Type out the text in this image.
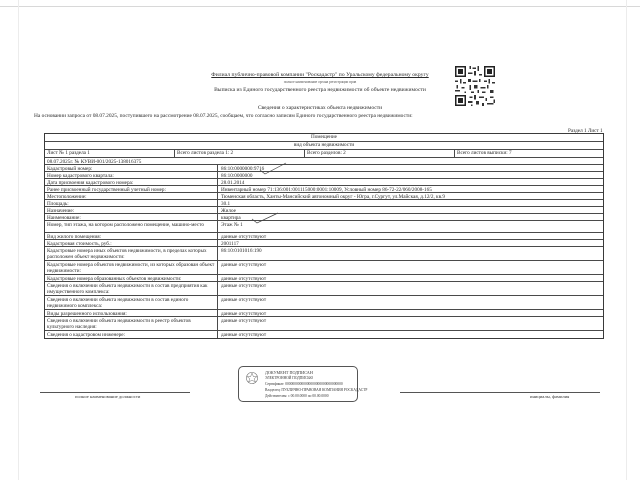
Филиал публично-правовой компании "Роскадастр" по Уральскому федеральному округу
полное наименование органа регистрации прав
Выписка из Единого государственного реестра недвижимости об объекте недвижимости
Сведения о характеристиках объекта недвижимости
На основании запроса от 08.07.2025, поступившего на рассмотрение 08.07.2025, сообщаем, что согласно записям Единого государственного реестра недвижимости:
Раздел 1 Лист 1
Помещение
вид объекта недвижимости
Лист № 1 раздела 1	Всего листов раздела 1: 2	Всего разделов: 2	Всего листов выписки: 7
08.07.2025г. № КУВИ-001/2025-138016375
Кадастровый номер:	86:10:0000000:9716
Номер кадастрового квартала:	86:10:0000000
Дата присвоения кадастрового номера:	28.01.2014
Ранее присвоенный государственный учетный номер:	Инвентарный номер 71:136:001:001115000:0001:10009, Условный номер 86-72-22/060/2008-165
Местоположение:	Тюменская область, Ханты-Мансийский автономный округ - Югра, г.Сургут, ул.Майская, д.12/2, кв.9
Площадь:	30.1
Назначение:	Жилое
Наименование:	квартира
Номер, тип этажа, на котором расположено помещение, машино-место	Этаж № 1
Вид жилого помещения:	данные отсутствуют
Кадастровая стоимость, руб.:	2001117
Кадастровые номера иных объектов недвижимости, в пределах которых расположен объект недвижимости:
86:10:0101016:190
Кадастровые номера объектов недвижимости, из которых образован объект недвижимости:
данные отсутствуют
Кадастровые номера образованных объектов недвижимости:	данные отсутствуют
Сведения о включении объекта недвижимости в состав предприятия как имущественного комплекса:
данные отсутствуют
Сведения о включении объекта недвижимости в состав единого недвижимого комплекса:
данные отсутствуют
Виды разрешенного использования:	данные отсутствуют
Сведения о включении объекта недвижимости в реестр объектов культурного наследия:
данные отсутствуют
Сведения о кадастровом инженере:	данные отсутствуют
ДОКУМЕНТ ПОДПИСАН
ЭЛЕКТРОННОЙ ПОДПИСЬЮ
Сертификат: 00000000000000000000000000000000
Владелец: ПУБЛИЧНО-ПРАВОВАЯ КОМПАНИЯ РОСКАДАСТР
Действителен: с 00.00.0000 по 00.00.0000
полное наименование должности	инициалы, фамилия
